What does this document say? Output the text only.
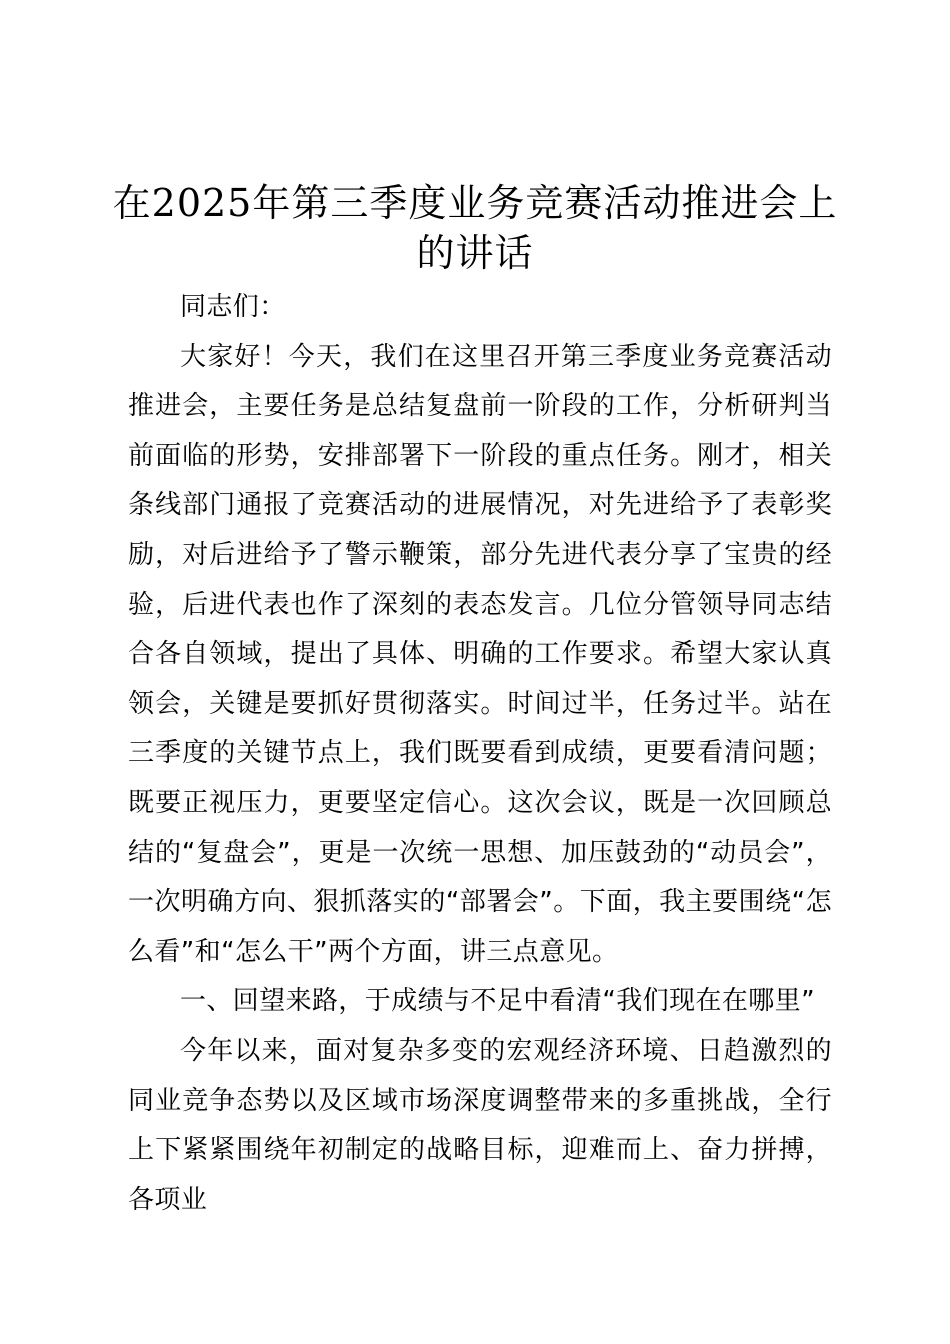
在2025年第三季度业务竞赛活动推进会上的讲话

同志们：

大家好！今天，我们在这里召开第三季度业务竞赛活动推进会，主要任务是总结复盘前一阶段的工作，分析研判当前面临的形势，安排部署下一阶段的重点任务。刚才，相关条线部门通报了竞赛活动的进展情况，对先进给予了表彰奖励，对后进给予了警示鞭策，部分先进代表分享了宝贵的经验，后进代表也作了深刻的表态发言。几位分管领导同志结合各自领域，提出了具体、明确的工作要求。希望大家认真领会，关键是要抓好贯彻落实。时间过半，任务过半。站在三季度的关键节点上，我们既要看到成绩，更要看清问题；既要正视压力，更要坚定信心。这次会议，既是一次回顾总结的“复盘会”，更是一次统一思想、加压鼓劲的“动员会”，一次明确方向、狠抓落实的“部署会”。下面，我主要围绕“怎么看”和“怎么干”两个方面，讲三点意见。

一、回望来路，于成绩与不足中看清“我们现在在哪里”

今年以来，面对复杂多变的宏观经济环境、日趋激烈的同业竞争态势以及区域市场深度调整带来的多重挑战，全行上下紧紧围绕年初制定的战略目标，迎难而上、奋力拼搏，各项业
